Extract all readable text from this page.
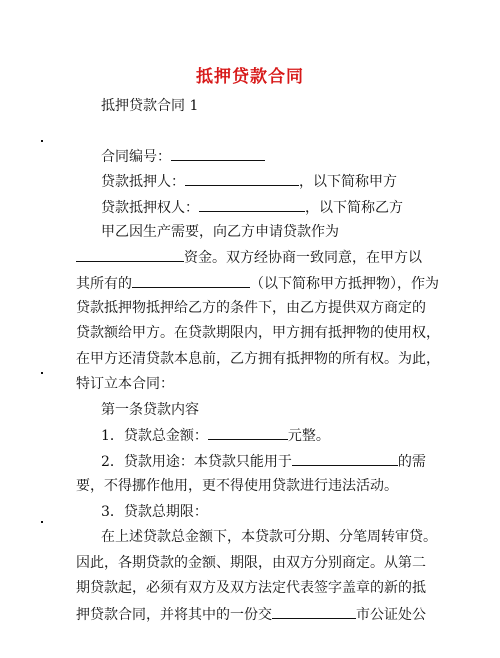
抵押贷款合同
抵押贷款合同 1
合同编号：
贷款抵押人：	，以下简称甲方
贷款抵押权人：	，以下简称乙方
甲乙因生产需要，向乙方申请贷款作为
资金。双方经协商一致同意，在甲方以
其所有的	（以下简称甲方抵押物），作为
贷款抵押物抵押给乙方的条件下，由乙方提供双方商定的
贷款额给甲方。在贷款期限内，甲方拥有抵押物的使用权，
在甲方还清贷款本息前，乙方拥有抵押物的所有权。为此，
特订立本合同：
第一条贷款内容
1．贷款总金额：	元整。
2．贷款用途：本贷款只能用于	的需
要，不得挪作他用，更不得使用贷款进行违法活动。
3．贷款总期限：
在上述贷款总金额下，本贷款可分期、分笔周转审贷。
因此，各期贷款的金额、期限，由双方分别商定。从第二
期贷款起，必须有双方及双方法定代表签字盖章的新的抵
押贷款合同，并将其中的一份交	市公证处公
